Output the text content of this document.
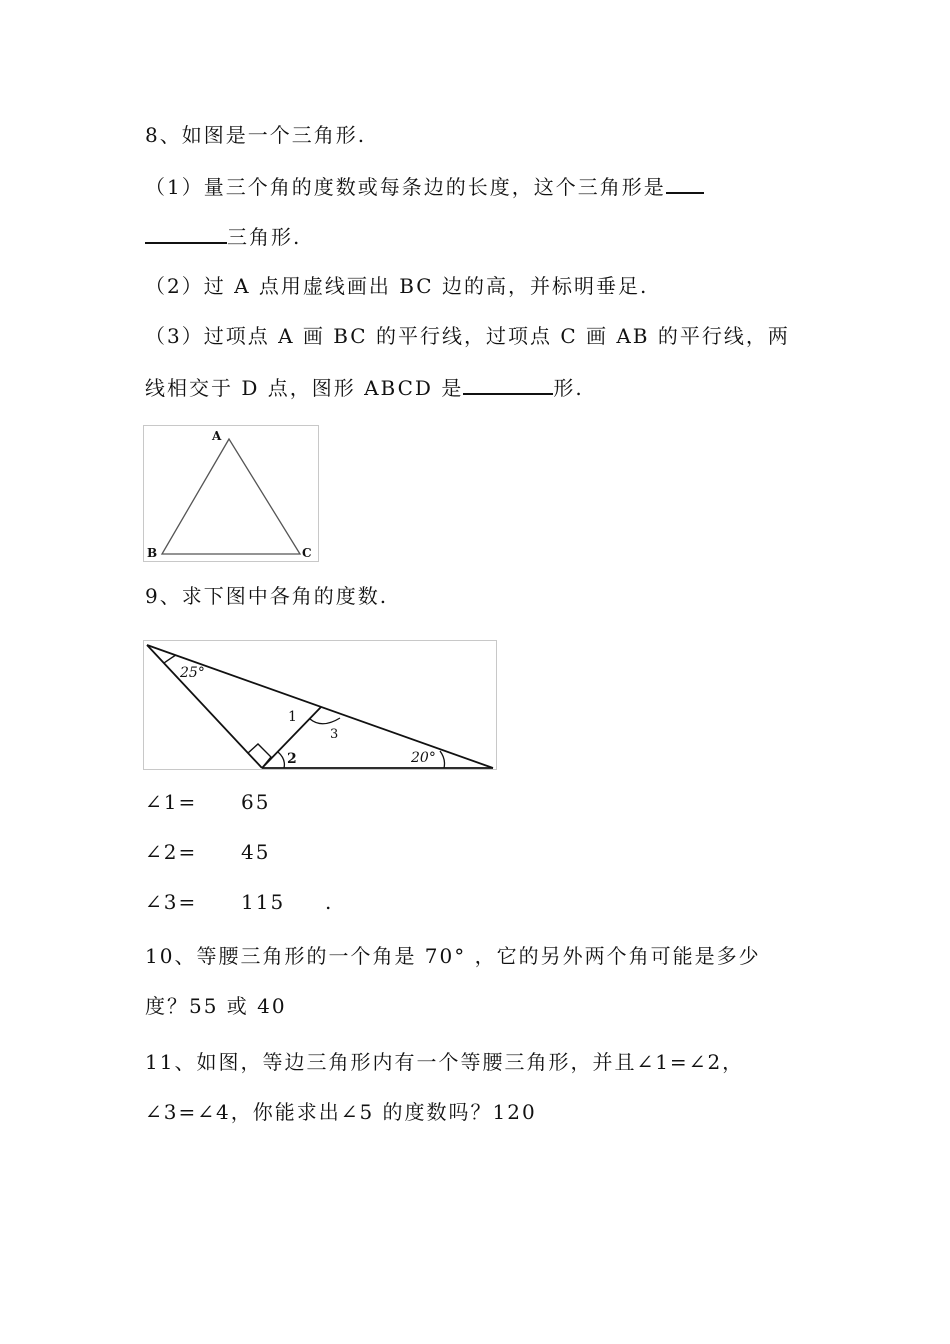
8、如图是一个三角形.
（1）量三个角的度数或每条边的长度，这个三角形是
三角形.
（2）过 A 点用虚线画出 BC 边的高，并标明垂足.
（3）过项点 A 画 BC 的平行线，过项点 C 画 AB 的平行线，两
线相交于 D 点，图形 ABCD 是	形.
A
B	C
9、求下图中各角的度数.
25°
20°
1
3
2
∠1= 65
∠2= 45
∠3= 115 .
10、等腰三角形的一个角是 70° ，它的另外两个角可能是多少
度？55 或 40
11、如图，等边三角形内有一个等腰三角形，并且∠1=∠2，
∠3=∠4，你能求出∠5 的度数吗？120
